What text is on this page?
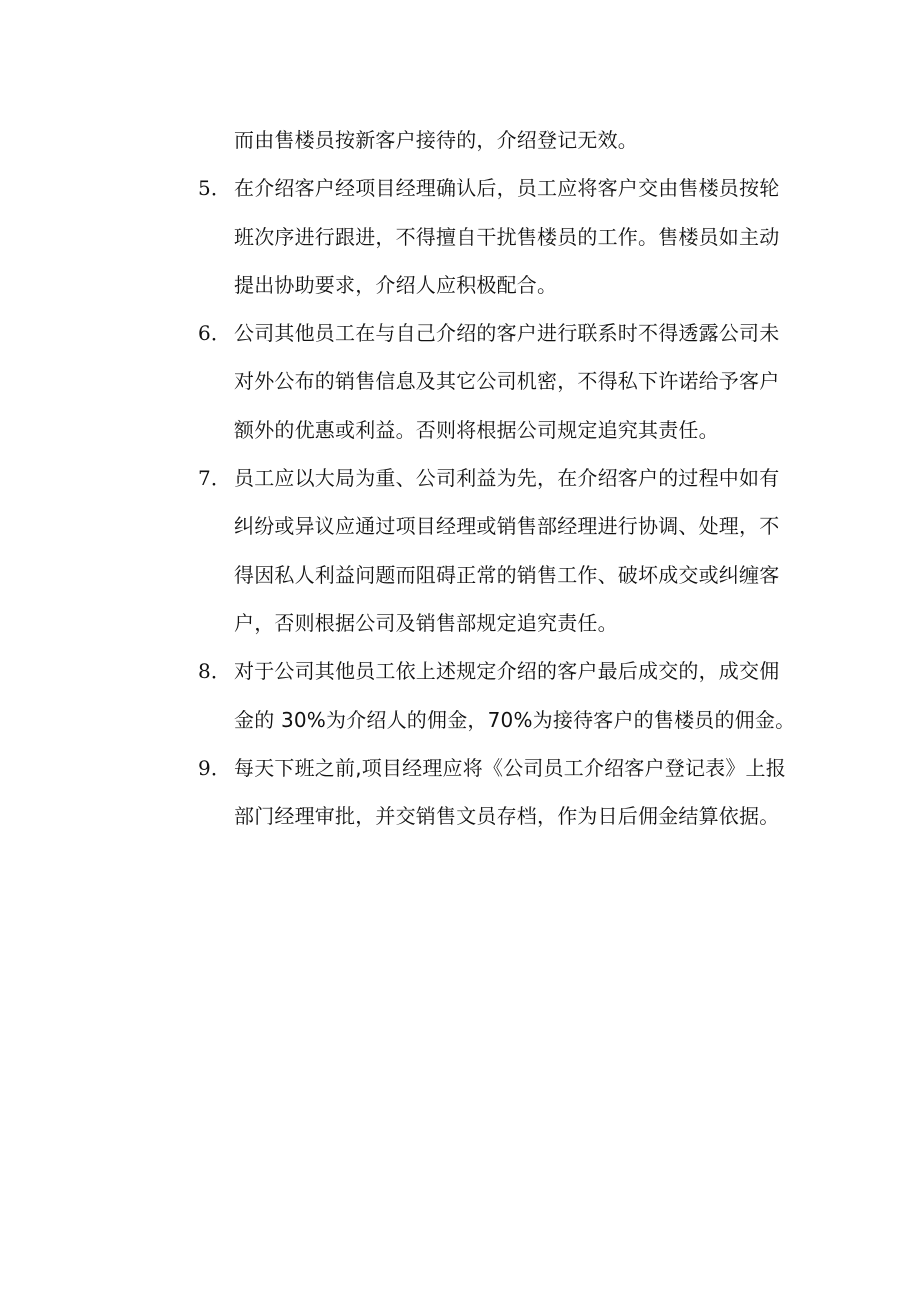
而由售楼员按新客户接待的，介绍登记无效。
5． 在介绍客户经项目经理确认后，员工应将客户交由售楼员按轮
班次序进行跟进，不得擅自干扰售楼员的工作。售楼员如主动
提出协助要求，介绍人应积极配合。
6． 公司其他员工在与自己介绍的客户进行联系时不得透露公司未
对外公布的销售信息及其它公司机密，不得私下许诺给予客户
额外的优惠或利益。否则将根据公司规定追究其责任。
7． 员工应以大局为重、公司利益为先，在介绍客户的过程中如有
纠纷或异议应通过项目经理或销售部经理进行协调、处理，不
得因私人利益问题而阻碍正常的销售工作、破坏成交或纠缠客
户，否则根据公司及销售部规定追究责任。
8． 对于公司其他员工依上述规定介绍的客户最后成交的，成交佣
金的 30%为介绍人的佣金，70%为接待客户的售楼员的佣金。
9． 每天下班之前,项目经理应将《公司员工介绍客户登记表》上报
部门经理审批，并交销售文员存档，作为日后佣金结算依据。
